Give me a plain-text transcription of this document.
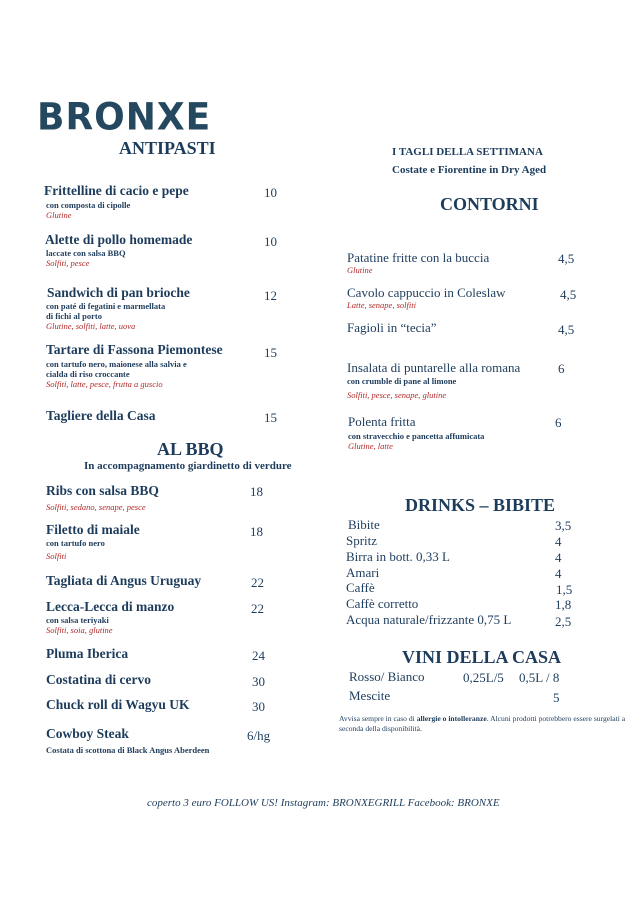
BRONXE
ANTIPASTI
Frittelline di cacio e pepe	10
con composta di cipolle
Glutine
Alette di pollo homemade	10
laccate con salsa BBQ
Solfiti, pesce
Sandwich di pan brioche	12
con paté di fegatini e marmellata
di fichi al porto
Glutine, solfiti, latte, uova
Tartare di Fassona Piemontese	15
con tartufo nero, maionese alla salvia e
cialda di riso croccante
Solfiti, latte, pesce, frutta a guscio
Tagliere della Casa	15
AL BBQ
In accompagnamento giardinetto di verdure
Ribs con salsa BBQ	18
Solfiti, sedano, senape, pesce
Filetto di maiale	18
con tartufo nero
Solfiti
Tagliata di Angus Uruguay	22
Lecca-Lecca di manzo	22
con salsa teriyaki
Solfiti, soia, glutine
Pluma Iberica	24
Costatina di cervo	30
Chuck roll di Wagyu UK	30
Cowboy Steak	6/hg
Costata di scottona di Black Angus Aberdeen
I TAGLI DELLA SETTIMANA
Costate e Fiorentine in Dry Aged
CONTORNI
Patatine fritte con la buccia	4,5
Glutine
Cavolo cappuccio in Coleslaw	4,5
Latte, senape, solfiti
Fagioli in “tecia”	4,5
Insalata di puntarelle alla romana	6
con crumble di pane al limone
Solfiti, pesce, senape, glutine
Polenta fritta	6
con stravecchio e pancetta affumicata
Glutine, latte
DRINKS – BIBITE
Bibite	3,5
Spritz	4
Birra in bott. 0,33 L	4
Amari	4
Caffè	1,5
Caffè corretto	1,8
Acqua naturale/frizzante 0,75 L	2,5
VINI DELLA CASA
Rosso/ Bianco	0,25L/5 0,5L / 8
Mescite	5
Avvisa sempre in caso di allergie o intolleranze. Alcuni prodotti potrebbero essere surgelati a seconda della disponibilità.
coperto 3 euro FOLLOW US! Instagram: BRONXEGRILL Facebook: BRONXE
